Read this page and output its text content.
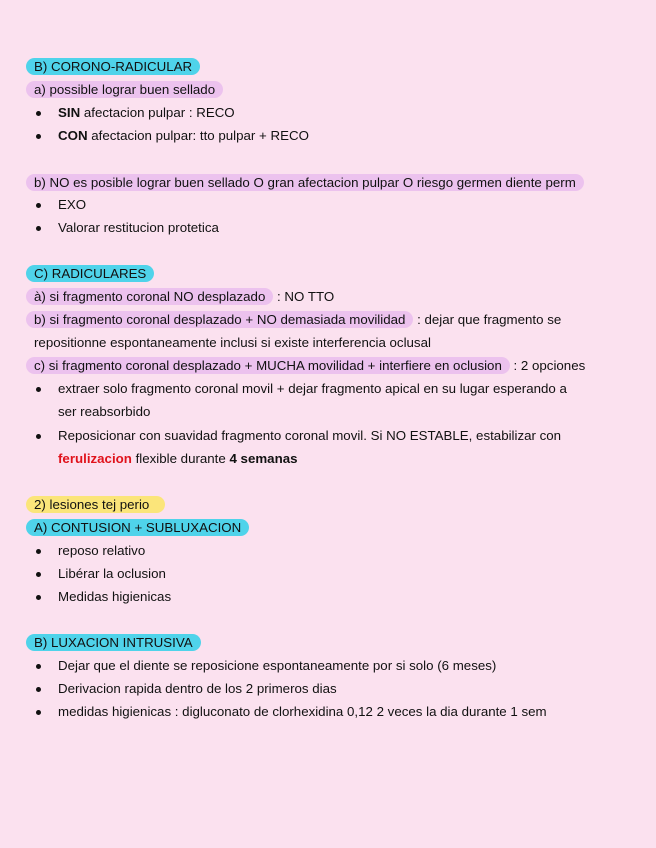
B) CORONO-RADICULAR
a) possible lograr buen sellado
SIN afectacion pulpar : RECO
CON afectacion pulpar: tto pulpar + RECO
b) NO es posible lograr buen sellado O gran afectacion pulpar O riesgo germen diente perm
EXO
Valorar restitucion protetica
C) RADICULARES
à) si fragmento coronal NO desplazado : NO TTO
b) si fragmento coronal desplazado + NO demasiada movilidad : dejar que fragmento se
repositionne espontaneamente inclusi si existe interferencia oclusal
c) si fragmento coronal desplazado + MUCHA movilidad + interfiere en oclusion : 2 opciones
extraer solo fragmento coronal movil + dejar fragmento apical en su lugar esperando a
ser reabsorbido
Reposicionar con suavidad fragmento coronal movil. Si NO ESTABLE, estabilizar con
ferulizacion flexible durante 4 semanas
2) lesiones tej perio
A) CONTUSION + SUBLUXACION
reposo relativo
Libérar la oclusion
Medidas higienicas
B) LUXACION INTRUSIVA
Dejar que el diente se reposicione espontaneamente por si solo (6 meses)
Derivacion rapida dentro de los 2 primeros dias
medidas higienicas : digluconato de clorhexidina 0,12 2 veces la dia durante 1 sem
